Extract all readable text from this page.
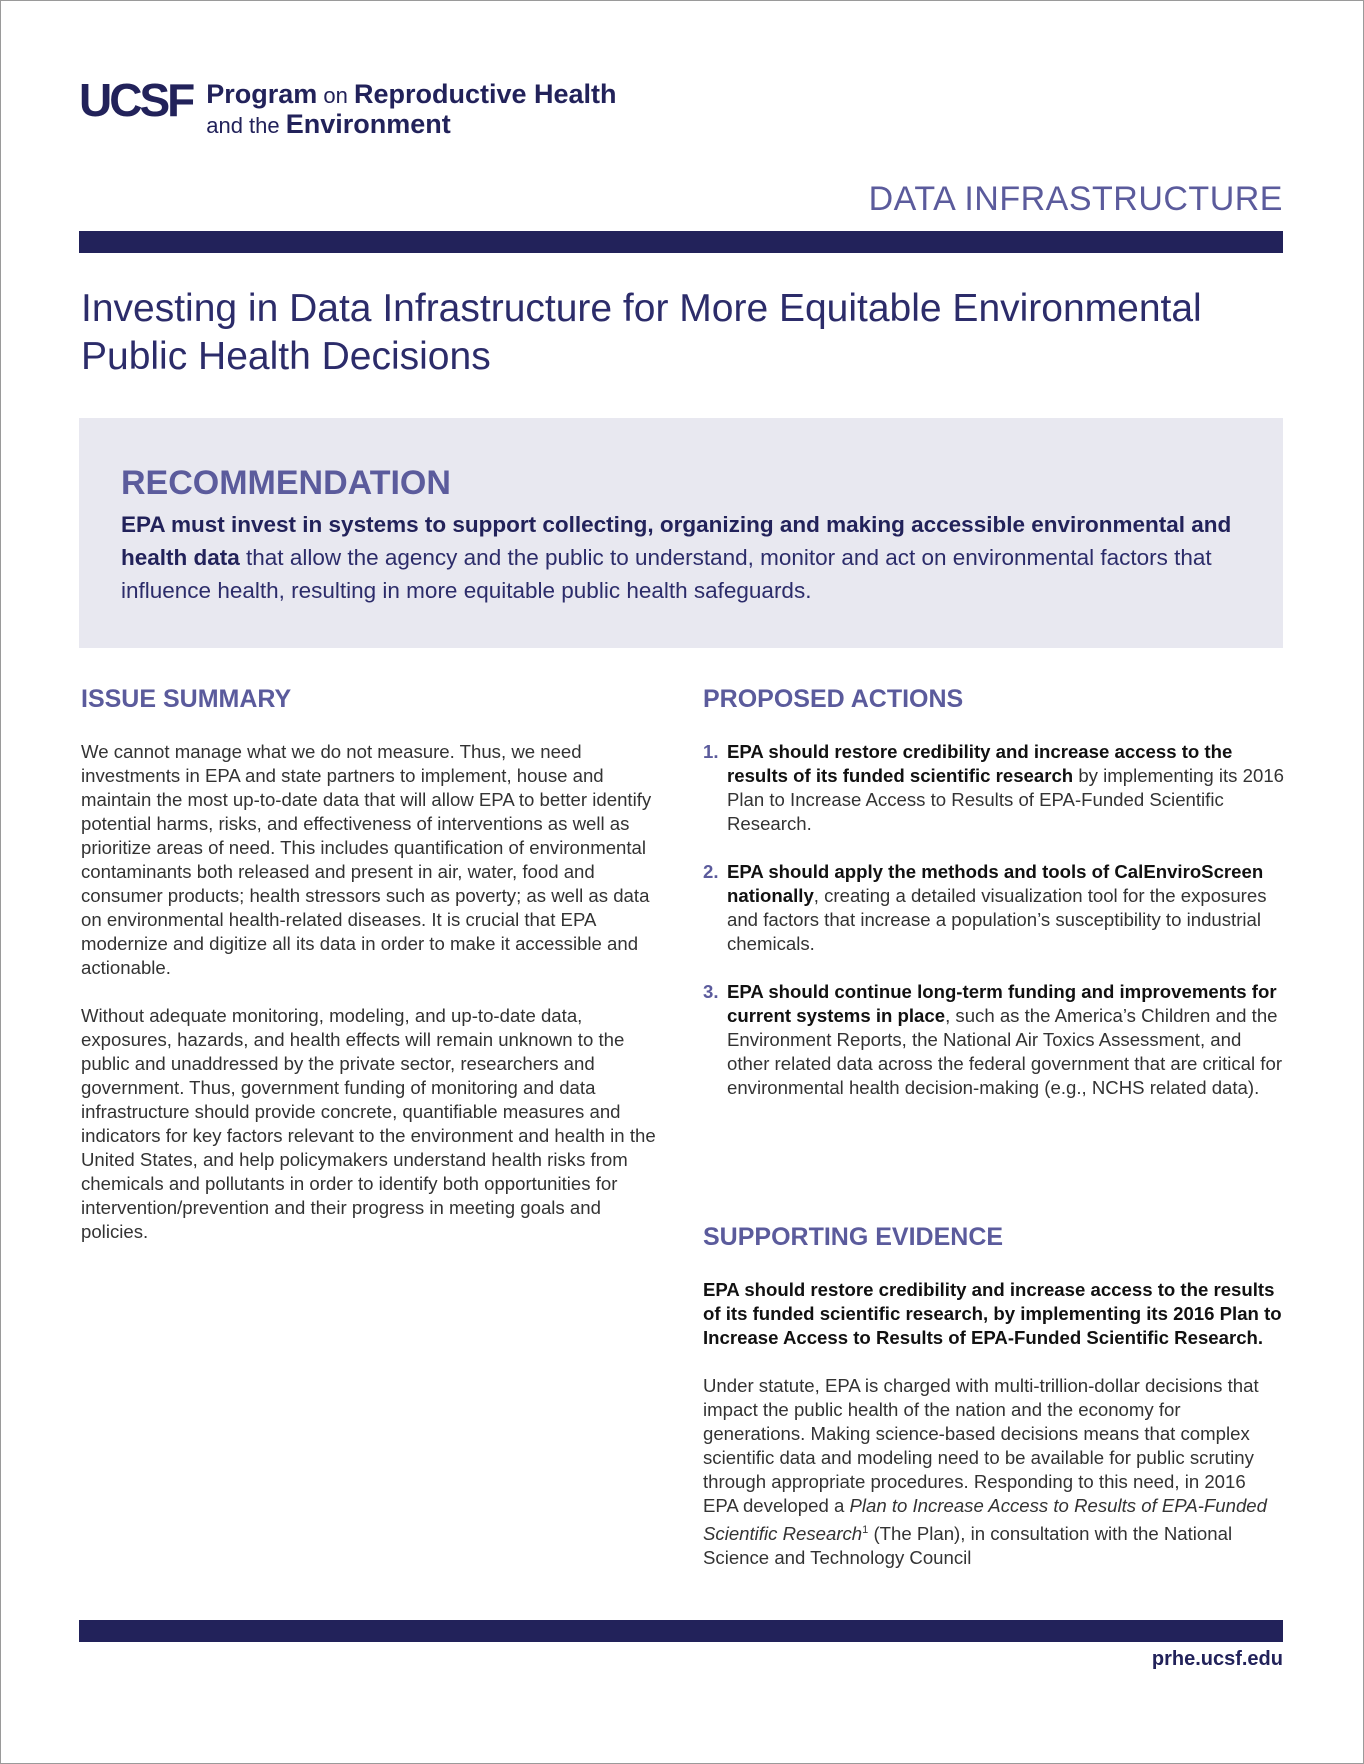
UCSF Program on Reproductive Health
and the Environment
DATA INFRASTRUCTURE
Investing in Data Infrastructure for More Equitable Environmental Public Health Decisions
RECOMMENDATION
EPA must invest in systems to support collecting, organizing and making accessible environmental and health data that allow the agency and the public to understand, monitor and act on environmental factors that influence health, resulting in more equitable public health safeguards.
ISSUE SUMMARY

We cannot manage what we do not measure. Thus, we need investments in EPA and state partners to implement, house and maintain the most up-to-date data that will allow EPA to better identify potential harms, risks, and effectiveness of interventions as well as prioritize areas of need. This includes quantification of environmental contaminants both released and present in air, water, food and consumer products; health stressors such as poverty; as well as data on environmental health-related diseases. It is crucial that EPA modernize and digitize all its data in order to make it accessible and actionable.

Without adequate monitoring, modeling, and up-to-date data, exposures, hazards, and health effects will remain unknown to the public and unaddressed by the private sector, researchers and government. Thus, government funding of monitoring and data infrastructure should provide concrete, quantifiable measures and indicators for key factors relevant to the environment and health in the United States, and help policymakers understand health risks from chemicals and pollutants in order to identify both opportunities for intervention/prevention and their progress in meeting goals and policies.

PROPOSED ACTIONS
1. EPA should restore credibility and increase access to the results of its funded scientific research by implementing its 2016 Plan to Increase Access to Results of EPA-Funded Scientific Research.
2. EPA should apply the methods and tools of CalEnviroScreen nationally, creating a detailed visualization tool for the exposures and factors that increase a population’s susceptibility to industrial chemicals.
3. EPA should continue long-term funding and improvements for current systems in place, such as the America’s Children and the Environment Reports, the National Air Toxics Assessment, and other related data across the federal government that are critical for environmental health decision-making (e.g., NCHS related data).
SUPPORTING EVIDENCE

EPA should restore credibility and increase access to the results of its funded scientific research, by implementing its 2016 Plan to Increase Access to Results of EPA-Funded Scientific Research.

Under statute, EPA is charged with multi-trillion-dollar decisions that impact the public health of the nation and the economy for generations. Making science-based decisions means that complex scientific data and modeling need to be available for public scrutiny through appropriate procedures. Responding to this need, in 2016 EPA developed a Plan to Increase Access to Results of EPA-Funded Scientific Research$^1$ (The Plan), in consultation with the National Science and Technology Council

prhe.ucsf.edu
